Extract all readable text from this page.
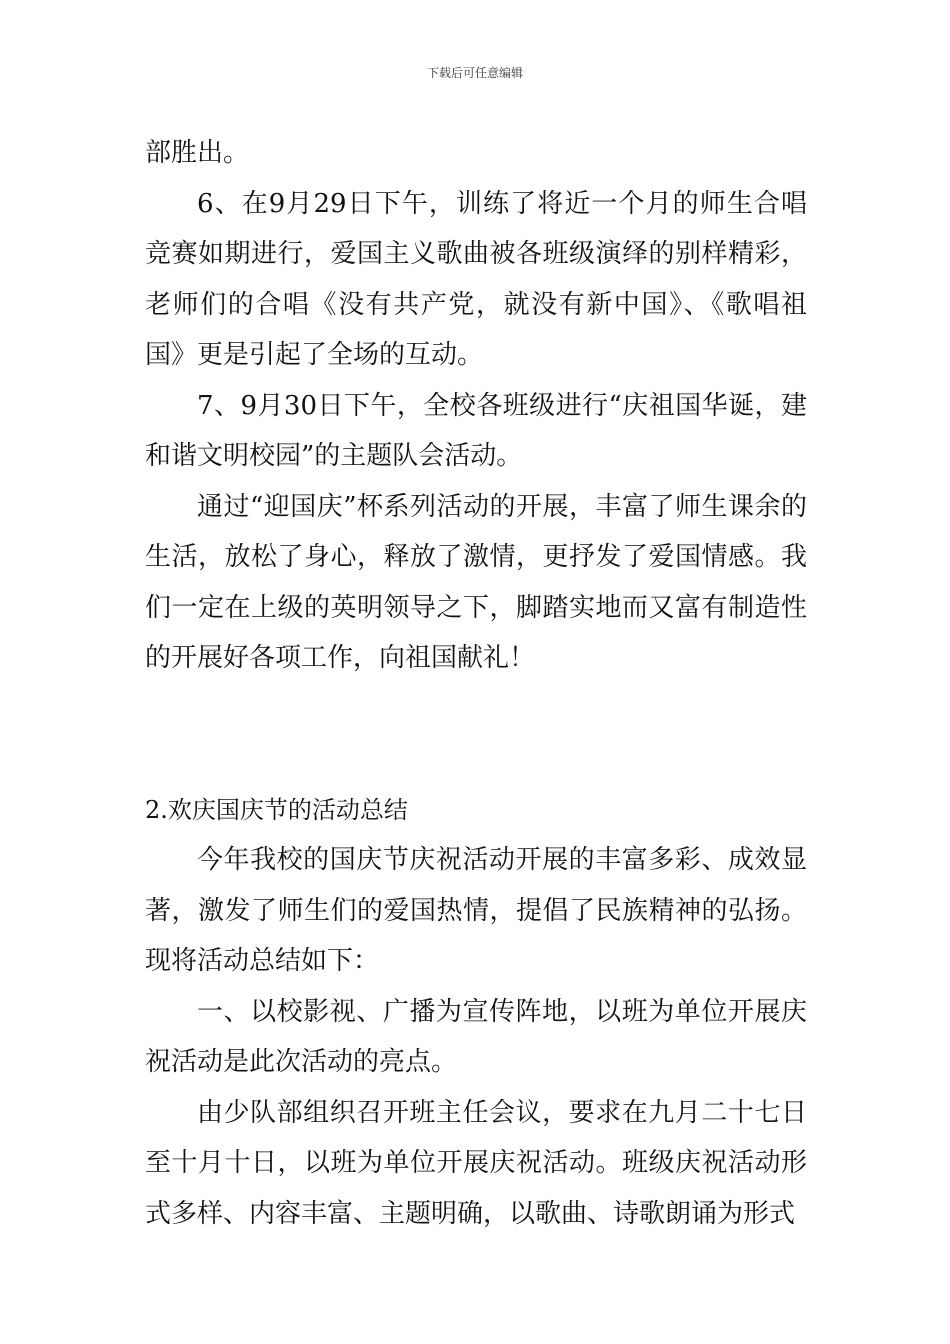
下载后可任意编辑

部胜出。

6、在9月29日下午，训练了将近一个月的师生合唱竞赛如期进行，爱国主义歌曲被各班级演绎的别样精彩，老师们的合唱《没有共产党，就没有新中国》、《歌唱祖国》更是引起了全场的互动。

7、9月30日下午，全校各班级进行“庆祖国华诞，建和谐文明校园”的主题队会活动。

通过“迎国庆”杯系列活动的开展，丰富了师生课余的生活，放松了身心，释放了激情，更抒发了爱国情感。我们一定在上级的英明领导之下，脚踏实地而又富有制造性的开展好各项工作，向祖国献礼！

2.欢庆国庆节的活动总结

今年我校的国庆节庆祝活动开展的丰富多彩、成效显著，激发了师生们的爱国热情，提倡了民族精神的弘扬。现将活动总结如下：

一、以校影视、广播为宣传阵地，以班为单位开展庆祝活动是此次活动的亮点。

由少队部组织召开班主任会议，要求在九月二十七日至十月十日，以班为单位开展庆祝活动。班级庆祝活动形式多样、内容丰富、主题明确，以歌曲、诗歌朗诵为形式
